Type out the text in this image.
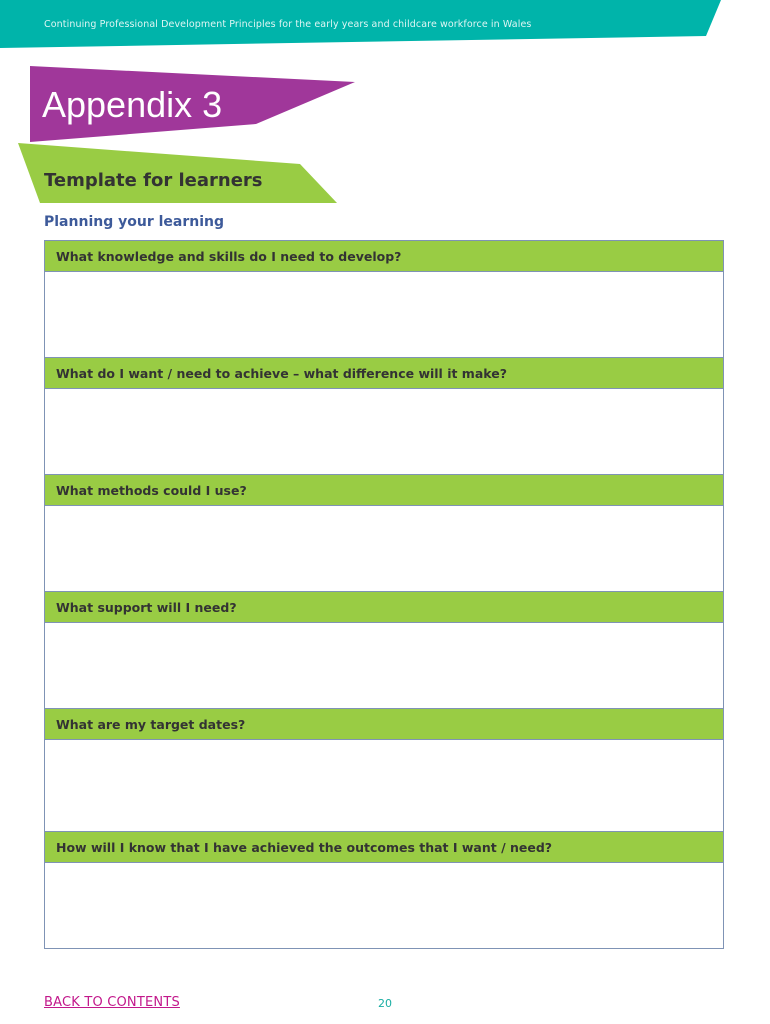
Continuing Professional Development Principles for the early years and childcare workforce in Wales
Appendix 3
Template for learners
Planning your learning
What knowledge and skills do I need to develop?
What do I want / need to achieve – what difference will it make?
What methods could I use?
What support will I need?
What are my target dates?
How will I know that I have achieved the outcomes that I want / need?
BACK TO CONTENTS	20
